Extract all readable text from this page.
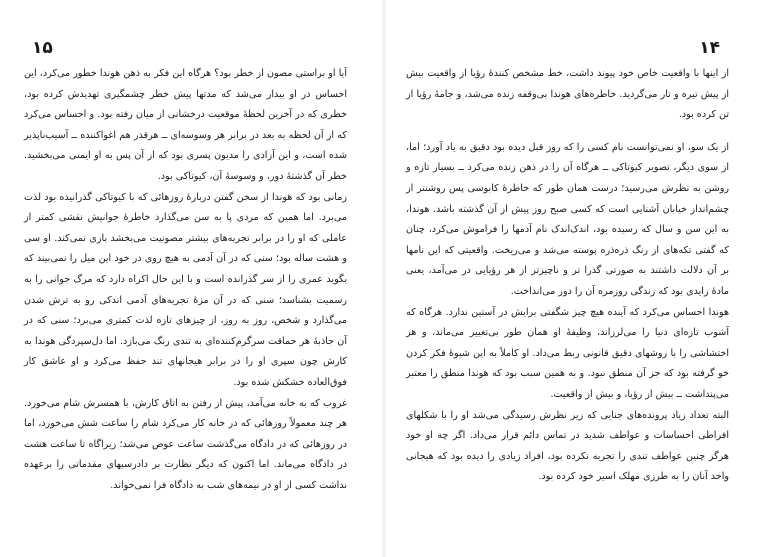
۱۵

آیا او براستی مصون از خطر بود؟ هرگاه این فکر به ذهن هوندا خطور می‌کرد، این احساس در او بیدار می‌شد که مدتها پیش خطر چشمگیری تهدیدش کرده بود، خطری که در آخرین لحظهٔ موقعیت درخشانی از میان رفته بود. و احساس می‌کرد که از آن لحظه به بعد در برابر هر وسوسه‌ای ــ هرقدر هم اغواکننده ــ آسیب‌ناپذیر شده است، و این آزادی را مدیون پسری بود که از آن پس به او ایمنی می‌بخشید. خطر آن گذشتهٔ دور، و وسوسهٔ آن، کیوتاکی بود.

زمانی بود که هوندا از سخن گفتن دربارهٔ روزهائی که با کیوتاکی گذرانیده بود لذت می‌برد. اما همین که مردی پا به سن می‌گذارد خاطره‌ٔ جوانیش نقشی کمتر از عاملی که او را در برابر تجربه‌های بیشتر مصونیت می‌بخشد بازی نمی‌کند. او سی و هشت ساله بود؛ سنی که در آن آدمی به هیچ روی در خود این میل را نمی‌بیند که بگوید عمری را از سر گذرانده است و با این حال اکراه دارد که مرگ جوانی را به رسمیت بشناسد؛ سنی که در آن مزهٔ تجربه‌های آدمی اندکی رو به ترش شدن می‌گذارد و شخص، روز به روز، از چیزهای تازه لذت کمتری می‌برد؛ سنی که در آن جاذبهٔ هر حماقت سرگرم‌کننده‌ای به تندی رنگ می‌بازد. اما دل‌سپردگی هوندا به کارش چون سپری او را در برابر هیجانهای تند حفظ می‌کرد و او عاشق کار فوق‌العاده خشکش شده بود.

غروب که به خانه می‌آمد، پیش از رفتن به اتاق کارش، با همسرش شام می‌خورد. هر چند معمولاً روزهائی که در خانه کار می‌کرد شام را ساعت شش می‌خورد، اما در روزهائی که در دادگاه می‌گذشت ساعت عوض می‌شد؛ زیراگاه تا ساعت هشت در دادگاه می‌ماند. اما اکنون که دیگر نظارت بر دادرسیهای مقدماتی را برعهده نداشت کسی از او در نیمه‌های شب به دادگاه فرا نمی‌خواند.

۱۴

از اینها با واقعیت خاص خود پیوند داشت، خط مشخص کنندهٔ رؤیا از واقعیت بیش از پیش تیره و تار می‌گردید. خاطره‌های هوندا بی‌وقفه زنده می‌شد، و جامهٔ رؤیا از تن کرده بود.

از یک سو، او نمی‌توانست نام کسی را که روز قبل دیده بود دقیق به یاد آورد؛ اما، از سوی دیگر، تصویر کیوتاکی ــ هرگاه آن را در ذهن زنده می‌کرد ــ بسیار تازه و روشن به نظرش می‌رسید؛ درست همان طور که خاطرهٔ کابوسی پس روشنتر از چشم‌انداز خیابان آشنایی است که کسی صبح روز پیش از آن گذشته باشد. هوندا، به این سن و سال که رسیده بود، اندک‌اندک نام آدمها را فراموش می‌کرد، چنان که گفتی تکه‌های از رنگ ذره‌ذره پوسته می‌شد و می‌ریخت. واقعیتی که این نامها بر آن دلالت داشتند به صورتی گذرا تر و ناچیزتر از هر رؤیایی در می‌آمد، یعنی مادهٔ زایدی بود که زندگی روزمره آن را دور می‌انداخت.

هوندا احساس می‌کرد که آینده هیچ چیز شگفتی برایش در آستین ندارد. هرگاه که آشوب تازه‌ای دنیا را می‌لرزاند، وظیفهٔ او همان طور بی‌تغییر می‌ماند، و هر اختشاشی را با روشهای دقیق قانونی ربط می‌داد. او کاملاً به این شیوهٔ فکر کردن خو گرفته بود که جز آن منطق نبود. و به همین سبب بود که هوندا منطق را معتبر می‌پنداشت ــ بیش از رؤیا، و بیش از واقعیت.

البته تعداد زیاد پرونده‌های جنایی که زیر نظرش رسیدگی می‌شد او را با شکلهای افراطی احساسات و عواطف شدید در تماس دائم قرار می‌داد. اگر چه او خود هرگز چنین عواطف تندی را تجربه نکرده بود، افراد زیادی را دیده بود که هیجانی واحد آنان را به طرزی مهلک اسیر خود کرده بود.
